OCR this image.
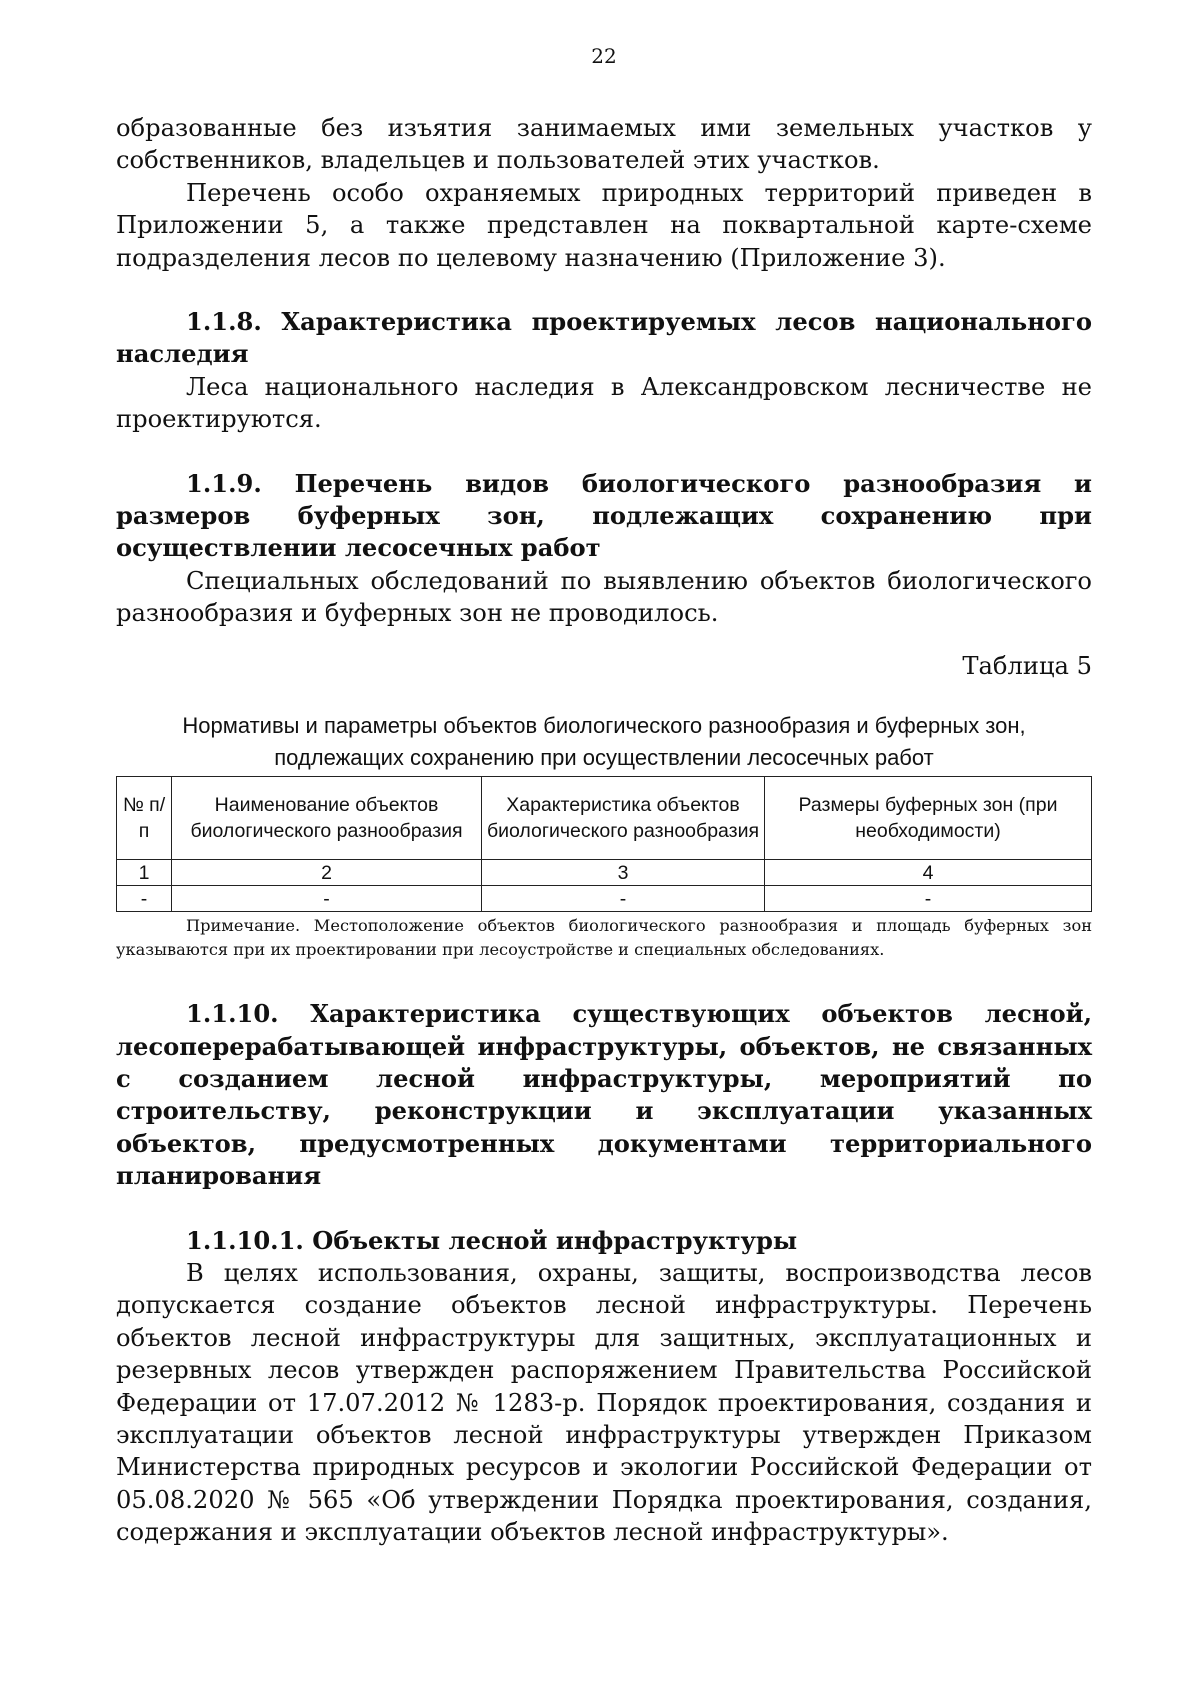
22

образованные без изъятия занимаемых ими земельных участков у собственников, владельцев и пользователей этих участков.

Перечень особо охраняемых природных территорий приведен в Приложении 5, а также представлен на поквартальной карте-схеме подразделения лесов по целевому назначению (Приложение 3).

1.1.8. Характеристика проектируемых лесов национального наследия

Леса национального наследия в Александровском лесничестве не проектируются.

1.1.9. Перечень видов биологического разнообразия и размеров буферных зон, подлежащих сохранению при осуществлении лесосечных работ

Специальных обследований по выявлению объектов биологического разнообразия и буферных зон не проводилось.

Таблица 5
Нормативы и параметры объектов биологического разнообразия и буферных зон, подлежащих сохранению при осуществлении лесосечных работ
№ п/п	Наименование объектов биологического разнообразия	Характеристика объектов биологического разнообразия	Размеры буферных зон (при необходимости)
1	2	3	4
-	-	-	-

Примечание. Местоположение объектов биологического разнообразия и площадь буферных зон указываются при их проектировании при лесоустройстве и специальных обследованиях.

1.1.10. Характеристика существующих объектов лесной, лесоперерабатывающей инфраструктуры, объектов, не связанных с созданием лесной инфраструктуры, мероприятий по строительству, реконструкции и эксплуатации указанных объектов, предусмотренных документами территориального планирования
1.1.10.1. Объекты лесной инфраструктуры

В целях использования, охраны, защиты, воспроизводства лесов допускается создание объектов лесной инфраструктуры. Перечень объектов лесной инфраструктуры для защитных, эксплуатационных и резервных лесов утвержден распоряжением Правительства Российской Федерации от 17.07.2012 № 1283-р. Порядок проектирования, создания и эксплуатации объектов лесной инфраструктуры утвержден Приказом Министерства природных ресурсов и экологии Российской Федерации от 05.08.2020 № 565 «Об утверждении Порядка проектирования, создания, содержания и эксплуатации объектов лесной инфраструктуры».
